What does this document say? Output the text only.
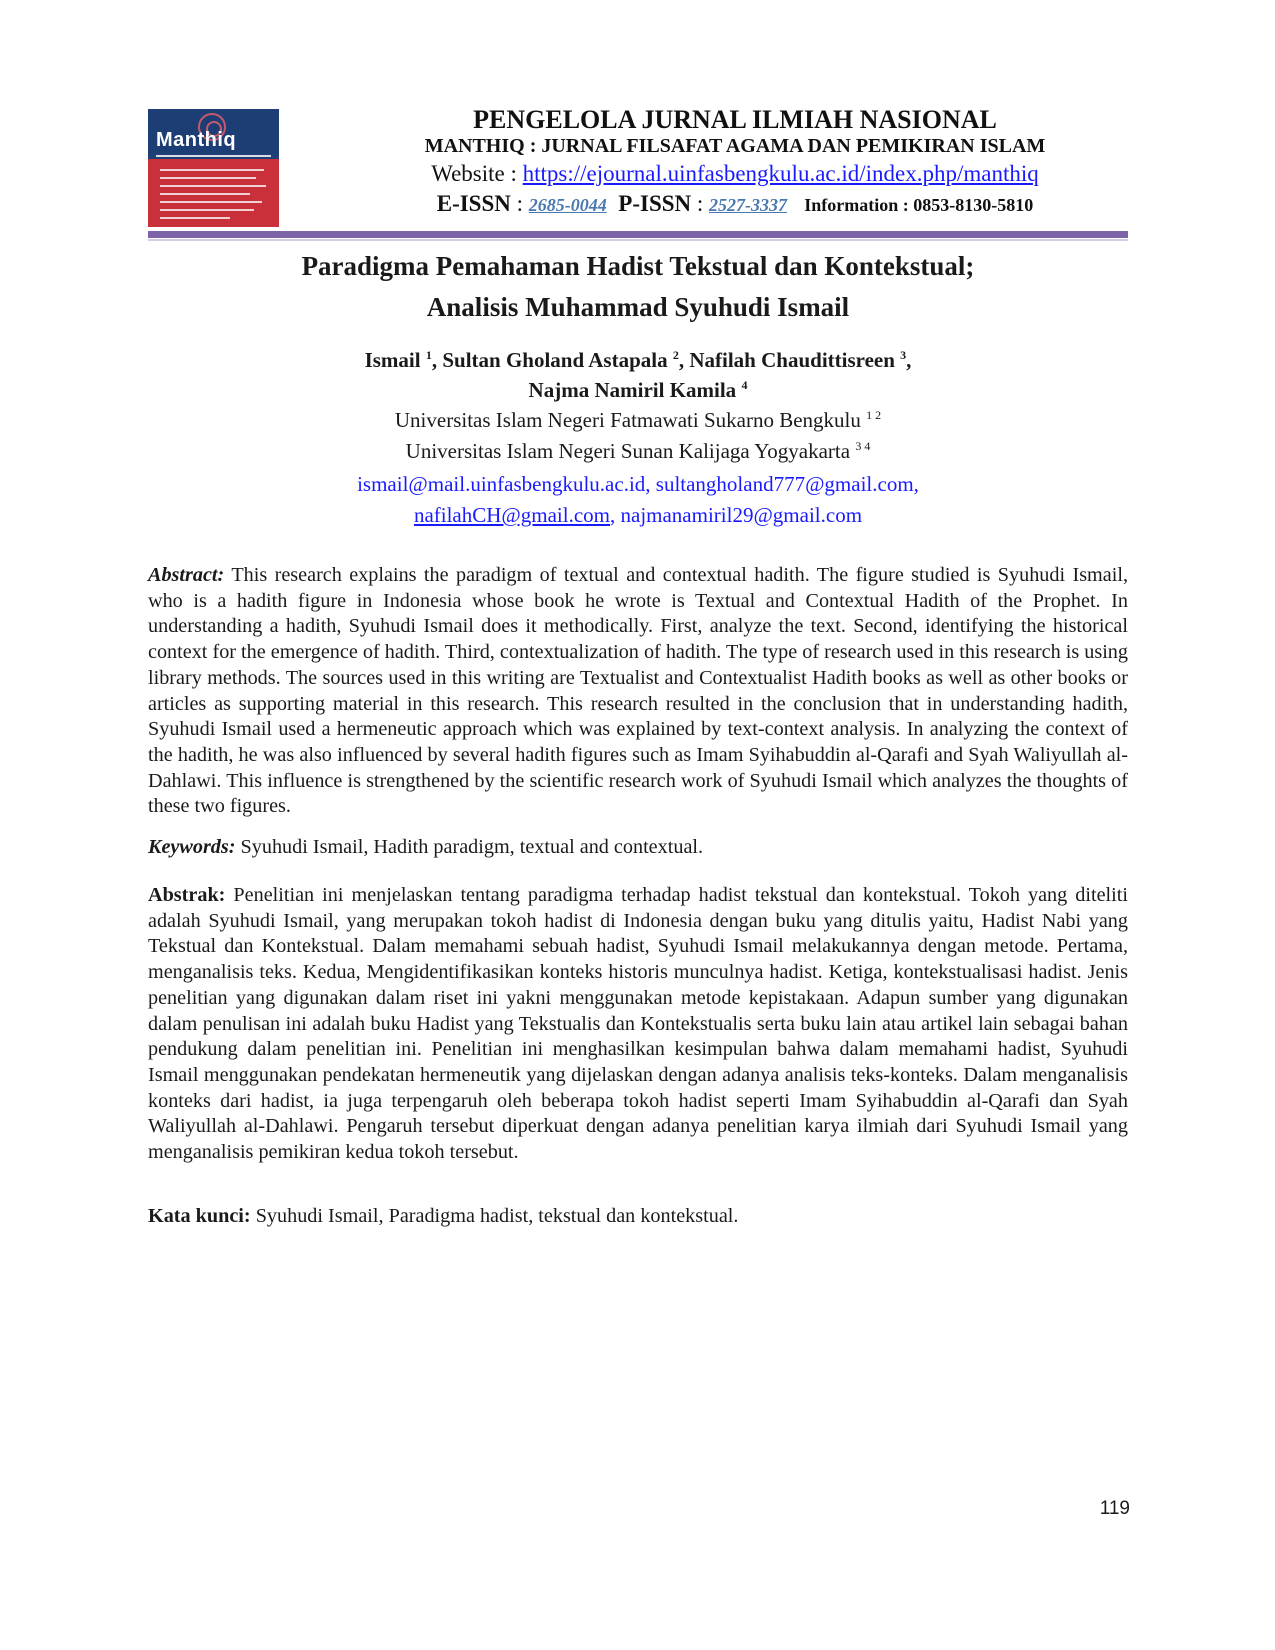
Manthiq
PENGELOLA JURNAL ILMIAH NASIONAL
MANTHIQ : JURNAL FILSAFAT AGAMA DAN PEMIKIRAN ISLAM
Website : https://ejournal.uinfasbengkulu.ac.id/index.php/manthiq
E-ISSN : 2685-0044 P-ISSN : 2527-3337 Information : 0853-8130-5810
Paradigma Pemahaman Hadist Tekstual dan Kontekstual;
Analisis Muhammad Syuhudi Ismail
Ismail $^1$, Sultan Gholand Astapala $^2$, Nafilah Chaudittisreen $^3$,
Najma Namiril Kamila $^4$
Universitas Islam Negeri Fatmawati Sukarno Bengkulu $^{1 2}$
Universitas Islam Negeri Sunan Kalijaga Yogyakarta $^{3 4}$
ismail@mail.uinfasbengkulu.ac.id, sultangholand777@gmail.com,
nafilahCH@gmail.com, najmanamiril29@gmail.com
Abstract: This research explains the paradigm of textual and contextual hadith. The figure studied is Syuhudi Ismail, who is a hadith figure in Indonesia whose book he wrote is Textual and Contextual Hadith of the Prophet. In understanding a hadith, Syuhudi Ismail does it methodically. First, analyze the text. Second, identifying the historical context for the emergence of hadith. Third, contextualization of hadith. The type of research used in this research is using library methods. The sources used in this writing are Textualist and Contextualist Hadith books as well as other books or articles as supporting material in this research. This research resulted in the conclusion that in understanding hadith, Syuhudi Ismail used a hermeneutic approach which was explained by text-context analysis. In analyzing the context of the hadith, he was also influenced by several hadith figures such as Imam Syihabuddin al-Qarafi and Syah Waliyullah al-Dahlawi. This influence is strengthened by the scientific research work of Syuhudi Ismail which analyzes the thoughts of these two figures.
Keywords: Syuhudi Ismail, Hadith paradigm, textual and contextual.
Abstrak: Penelitian ini menjelaskan tentang paradigma terhadap hadist tekstual dan kontekstual. Tokoh yang diteliti adalah Syuhudi Ismail, yang merupakan tokoh hadist di Indonesia dengan buku yang ditulis yaitu, Hadist Nabi yang Tekstual dan Kontekstual. Dalam memahami sebuah hadist, Syuhudi Ismail melakukannya dengan metode. Pertama, menganalisis teks. Kedua, Mengidentifikasikan konteks historis munculnya hadist. Ketiga, kontekstualisasi hadist. Jenis penelitian yang digunakan dalam riset ini yakni menggunakan metode kepistakaan. Adapun sumber yang digunakan dalam penulisan ini adalah buku Hadist yang Tekstualis dan Kontekstualis serta buku lain atau artikel lain sebagai bahan pendukung dalam penelitian ini. Penelitian ini menghasilkan kesimpulan bahwa dalam memahami hadist, Syuhudi Ismail menggunakan pendekatan hermeneutik yang dijelaskan dengan adanya analisis teks-konteks. Dalam menganalisis konteks dari hadist, ia juga terpengaruh oleh beberapa tokoh hadist seperti Imam Syihabuddin al-Qarafi dan Syah Waliyullah al-Dahlawi. Pengaruh tersebut diperkuat dengan adanya penelitian karya ilmiah dari Syuhudi Ismail yang menganalisis pemikiran kedua tokoh tersebut.
Kata kunci: Syuhudi Ismail, Paradigma hadist, tekstual dan kontekstual.
119
